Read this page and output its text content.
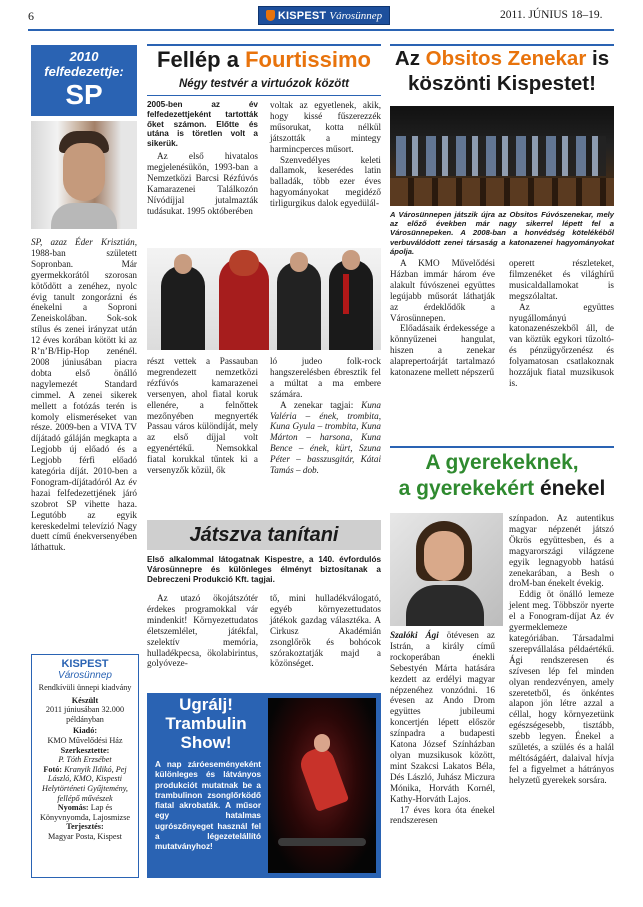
6	KISPEST Városünnep	2011. JÚNIUS 18–19.
2010
felfedezettje:
SP

SP, azaz Éder Krisztián, 1988-ban született Sopronban. Már gyermekkorától szorosan kötődött a zenéhez, nyolc évig tanult zongorázni és énekelni a Soproni Zeneiskolában. Sok-sok stílus és zenei irányzat után 12 éves korában kötött ki az R’n’B/Hip-Hop zenénél. 2008 júniusában piacra dobta első önálló nagylemezét Standard cimmel. A zenei sikerek mellett a fotózás terén is komoly elismeréseket van része. 2009-ben a VIVA TV díjátadó gáláján megkapta a Legjobb új előadó és a Legjobb férfi előadó kategória díját. 2010-ben a Fonogram-díjátadóról Az év hazai felfedezettjének járó szobrot SP vihette haza. Legutóbb az egyik kereskedelmi televízió Nagy duett című énekversenyében láthattuk.

KISPEST
Városünnep
Rendkívüli ünnepi kiadvány
Készült
2011 júniusában 32.000 példányban
Kiadó:
KMO Művelődési Ház
Szerkesztette:
P. Tóth Erzsébet
Fotó: Kranyik Ildikó, Pej László, KMO, Kispesti Helytörténeti Gyűjtemény, fellépő művészek
Nyomás: Lap és Könyvnyomda, Lajosmizse
Terjesztés:
Magyar Posta, Kispest
Fellép a Fourtissimo
Négy testvér a virtuózok között
2005-ben az év felfedezettjeként tartották őket számon. Előtte és utána is töretlen volt a sikerük.

Az első hivatalos megjelenésükön, 1993-ban a Nemzetközi Barcsi Rézfúvós Kamarazenei Találkozón Nívódíjjal jutalmazták tudásukat. 1995 októberében

voltak az egyetlenek, akik, hogy kissé fűszerezzék műsorukat, kotta nélkül játszották a mintegy harmincperces műsort.

Szenvedélyes keleti dallamok, keserédes latin balladák, több ezer éves hagyományokat megidéző tirligurgikus dalok egyedülál-

részt vettek a Passauban megrendezett nemzetközi rézfúvós kamarazenei versenyen, ahol fiatal koruk ellenére, a felnőttek mezőnyében megnyerték Passau város különdíját, mely az első díjjal volt egyenértékű. Nemsokkal fiatal korukkal tűntek ki a versenyzők közül, ők

ló judeo folk-rock hangszerelésben ébresztik fel a múltat a ma embere számára.

A zenekar tagjai: Kuna Valéria – ének, trombita, Kuna Gyula – trombita, Kuna Márton – harsona, Kuna Bence – ének, kürt, Szuna Péter – basszusgitár, Kátai Tamás – dob.

Játszva tanítani
Első alkalommal látogatnak Kispestre, a 140. évfordulós Városünnepre és különleges élményt biztosítanak a Debreczeni Produkció Kft. tagjai.

Az utazó ökojátszótér érdekes programokkal vár mindenkit! Környezettudatos életszemlélet, játékfal, szelektív memória, hulladékpecsa, ökolabirintus, golyóveze-

tő, mini hulladékválogató, egyéb környezettudatos játékok gazdag választéka. A Cirkusz Akadémián zsonglőrök és bohócok szórakoztatják majd a közönséget.

Ugrálj!
Trambulin
Show!
A nap záróeseményeként különleges és látványos produkciót mutatnak be a trambulinon zsonglőrködő fiatal akrobaták. A műsor egy hatalmas ugrószőnyeget használ fel a légezetelállító mutatványhoz!
Az Obsitos Zenekar is
köszönti Kispestet!
A Városünnepen játszik újra az Obsitos Fúvószenekar, mely az előző években már nagy sikerrel lépett fel a Városünnepeken. A 2008-ban a honvédség kötelékéből verbuválódott zenei társaság a katonazenei hagyományokat ápolja.

A KMO Művelődési Házban immár három éve alakult fúvószenei együttes legújabb műsorát láthatják az érdeklődők a Városünnepen.

Előadásaik érdekessége a könnyűzenei hangulat, hiszen a zenekar alaprepertoárját tartalmazó katonazene mellett népszerű

operett részleteket, filmzenéket és világhírű musicaldallamokat is megszólaltat.

Az együttes nyugállományú katonazenészekből áll, de van köztük egykori tűzoltó- és pénzügyőrzenész és folyamatosan csatlakoznak hozzájuk fiatal muzsikusok is.

A gyerekeknek,
a gyerekekért énekel

színpadon. Az autentikus magyar népzenét játszó Ökrös együttesben, és a magyarországi világzene egyik legnagyobb hatású zenekarában, a Besh o droM-ban énekelt évekig.

Eddig öt önálló lemeze jelent meg. Többször nyerte el a Fonogram-díjat Az év gyermeklemeze kategóriában. Társadalmi szerepvállalása példaértékű. Ági rendszeresen és szívesen lép fel minden olyan rendezvényen, amely szeretetből, és önkéntes alapon jön létre azzal a céllal, hogy környezetünk egészségesebb, tisztább, szebb legyen. Énekel a születés, a szülés és a halál méltóságáért, dalaival hívja fel a figyelmet a hátrányos helyzetű gyerekek sorsára.

Szalóki Ági ötévesen az Istrán, a király című rockoperában énekli Sebestyén Márta hatására kezdett az erdélyi magyar népzenéhez vonzódni. 16 évesen az Ando Drom együttes jubileumi koncertjén lépett először színpadra a budapesti Katona József Színházban olyan muzsikusok között, mint Szakcsi Lakatos Béla, Dés László, Juhász Miczura Mónika, Horváth Kornél, Kathy-Horváth Lajos.

17 éves kora óta énekel rendszeresen
